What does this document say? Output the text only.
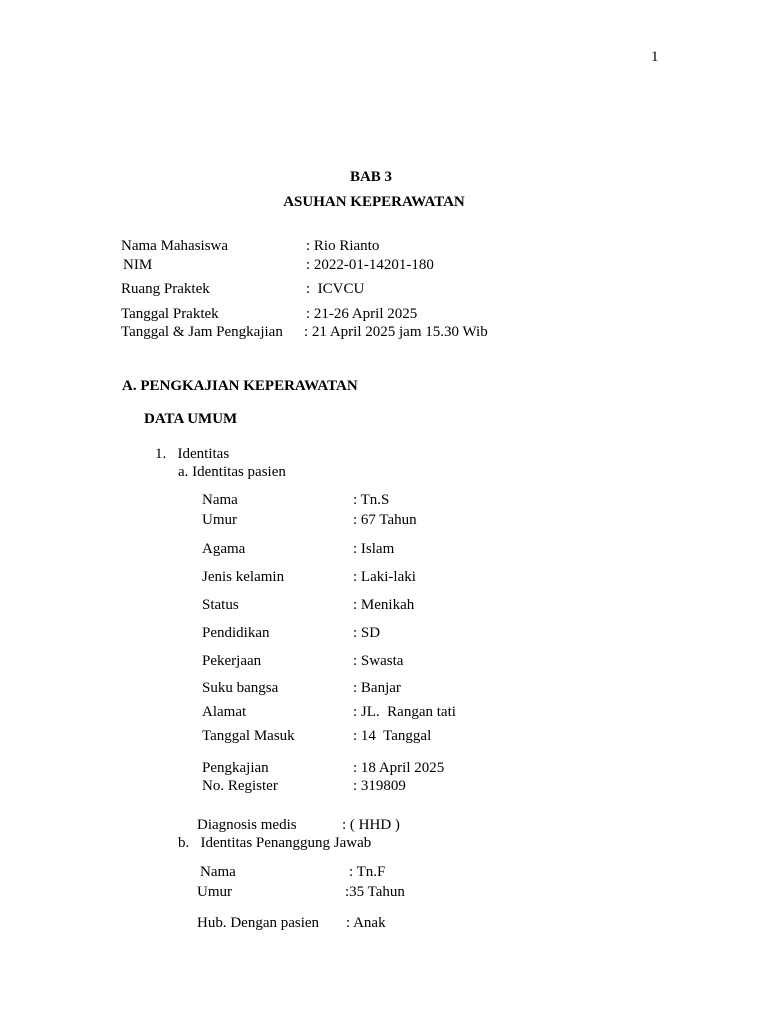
1
BAB 3
ASUHAN KEPERAWATAN
Nama Mahasiswa	: Rio Rianto
NIM	: 2022-01-14201-180
Ruang Praktek	:  ICVCU
Tanggal Praktek	: 21-26 April 2025
Tanggal & Jam Pengkajian : 21 April 2025 jam 15.30 Wib
A. PENGKAJIAN KEPERAWATAN
DATA UMUM
1.   Identitas
a. Identitas pasien
Nama	: Tn.S
Umur	: 67 Tahun
Agama	: Islam
Jenis kelamin	: Laki-laki
Status	: Menikah
Pendidikan	: SD
Pekerjaan	: Swasta
Suku bangsa	: Banjar
Alamat	: JL.  Rangan tati
Tanggal Masuk	: 14  Tanggal
Pengkajian	: 18 April 2025
No. Register	: 319809
Diagnosis medis	: ( HHD )
b.   Identitas Penanggung Jawab
Nama	: Tn.F
Umur	:35 Tahun
Hub. Dengan pasien : Anak
